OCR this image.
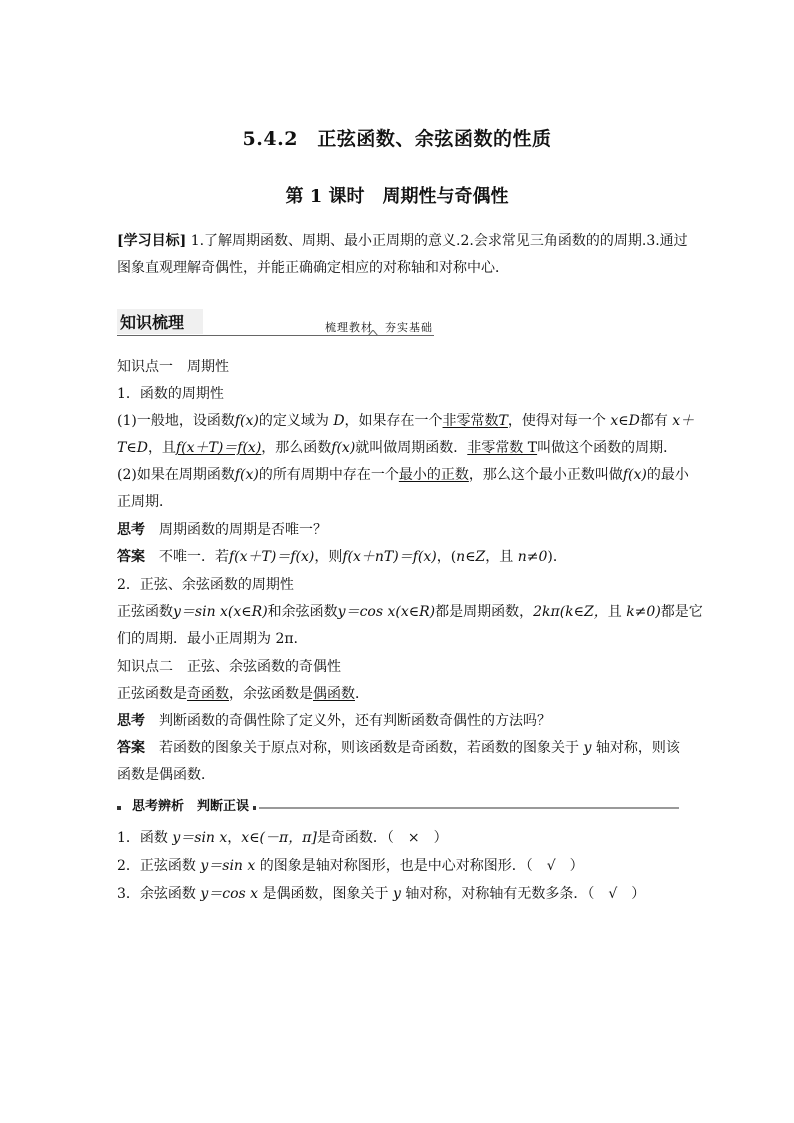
5.4.2　正弦函数、余弦函数的性质
第 1 课时　周期性与奇偶性
[学习目标] 1.了解周期函数、周期、最小正周期的意义.2.会求常见三角函数的的周期.3.通过
图象直观理解奇偶性，并能正确确定相应的对称轴和对称中心．
知识梳理	梳理教材　夯实基础
知识点一　周期性
1．函数的周期性
(1)一般地，设函数f(x)的定义域为 D，如果存在一个非零常数T，使得对每一个 x∈D都有 x＋
T∈D，且f(x＋T)＝f(x)，那么函数f(x)就叫做周期函数．非零常数 T叫做这个函数的周期．
(2)如果在周期函数f(x)的所有周期中存在一个最小的正数，那么这个最小正数叫做f(x)的最小
正周期．
思考　周期函数的周期是否唯一？
答案　不唯一．若f(x＋T)＝f(x)，则f(x＋nT)＝f(x)，(n∈Z，且 n≠0)．
2．正弦、余弦函数的周期性
正弦函数y＝sin x(x∈R)和余弦函数y＝cos x(x∈R)都是周期函数，2kπ(k∈Z，且 k≠0)都是它
们的周期．最小正周期为 2π.
知识点二　正弦、余弦函数的奇偶性
正弦函数是奇函数，余弦函数是偶函数．
思考　判断函数的奇偶性除了定义外，还有判断函数奇偶性的方法吗？
答案　若函数的图象关于原点对称，则该函数是奇函数，若函数的图象关于 y 轴对称，则该
函数是偶函数．
思考辨析　判断正误
1．函数 y＝sin x，x∈(－π，π]是奇函数．（　×　）
2．正弦函数 y＝sin x 的图象是轴对称图形，也是中心对称图形．（　√　）
3．余弦函数 y＝cos x 是偶函数，图象关于 y 轴对称，对称轴有无数多条．（　√　）
